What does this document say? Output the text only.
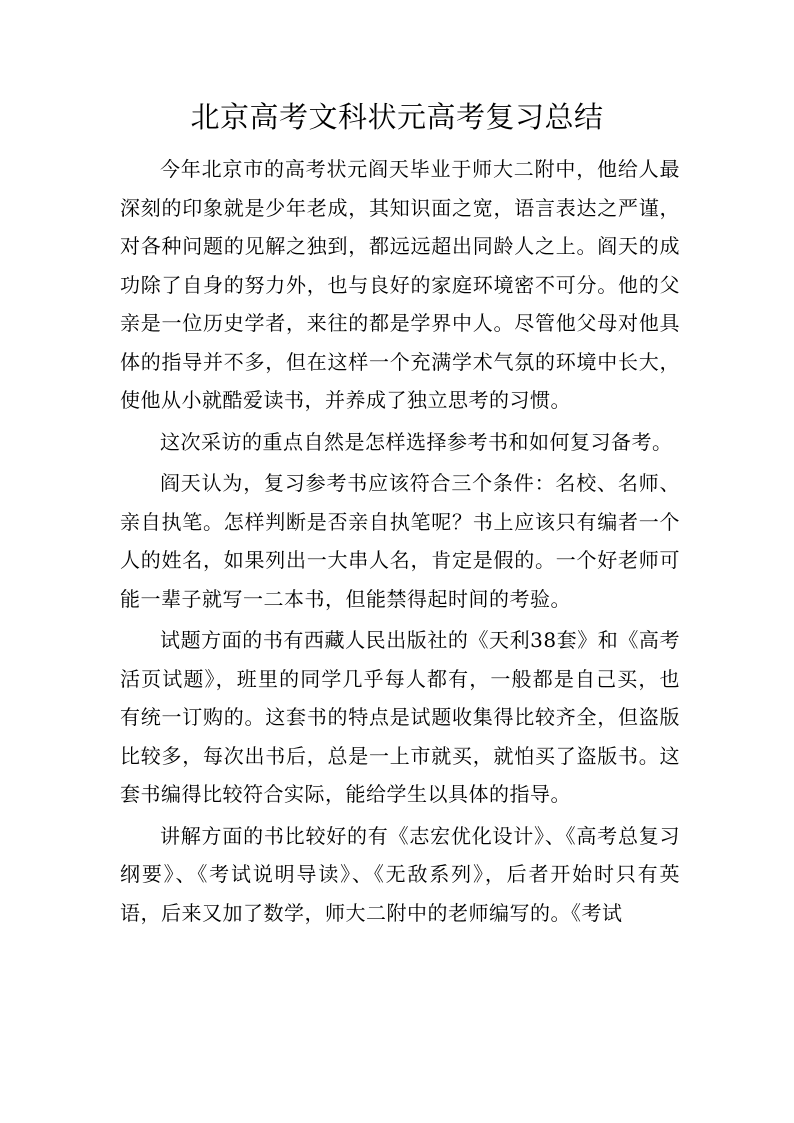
北京高考文科状元高考复习总结

今年北京市的高考状元阎天毕业于师大二附中，他给人最深刻的印象就是少年老成，其知识面之宽，语言表达之严谨，对各种问题的见解之独到，都远远超出同龄人之上。阎天的成功除了自身的努力外，也与良好的家庭环境密不可分。他的父亲是一位历史学者，来往的都是学界中人。尽管他父母对他具体的指导并不多，但在这样一个充满学术气氛的环境中长大，使他从小就酷爱读书，并养成了独立思考的习惯。

这次采访的重点自然是怎样选择参考书和如何复习备考。

阎天认为，复习参考书应该符合三个条件：名校、名师、亲自执笔。怎样判断是否亲自执笔呢？书上应该只有编者一个人的姓名，如果列出一大串人名，肯定是假的。一个好老师可能一辈子就写一二本书，但能禁得起时间的考验。

试题方面的书有西藏人民出版社的《天利38套》和《高考活页试题》，班里的同学几乎每人都有，一般都是自己买，也有统一订购的。这套书的特点是试题收集得比较齐全，但盗版比较多，每次出书后，总是一上市就买，就怕买了盗版书。这套书编得比较符合实际，能给学生以具体的指导。

讲解方面的书比较好的有《志宏优化设计》、《高考总复习纲要》、《考试说明导读》、《无敌系列》，后者开始时只有英语，后来又加了数学，师大二附中的老师编写的。《考试
